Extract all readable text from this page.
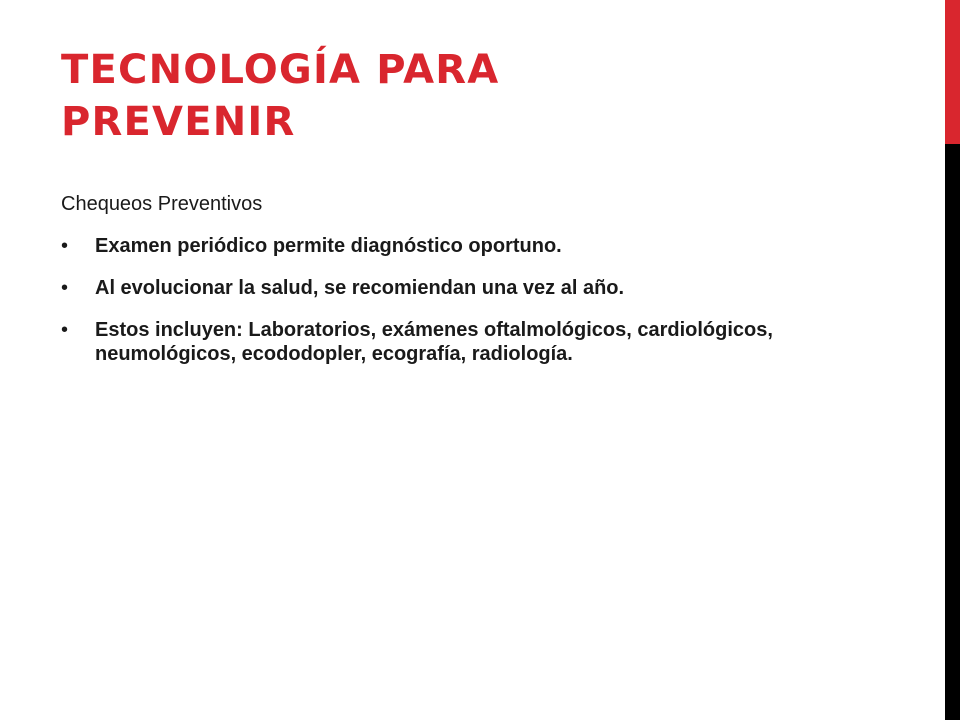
TECNOLOGÍA PARA
PREVENIR

Chequeos Preventivos

• Examen periódico permite diagnóstico oportuno.
• Al evolucionar la salud, se recomiendan una vez al año.
• Estos incluyen: Laboratorios, exámenes oftalmológicos, cardiológicos, neumológicos, ecododopler, ecografía, radiología.
